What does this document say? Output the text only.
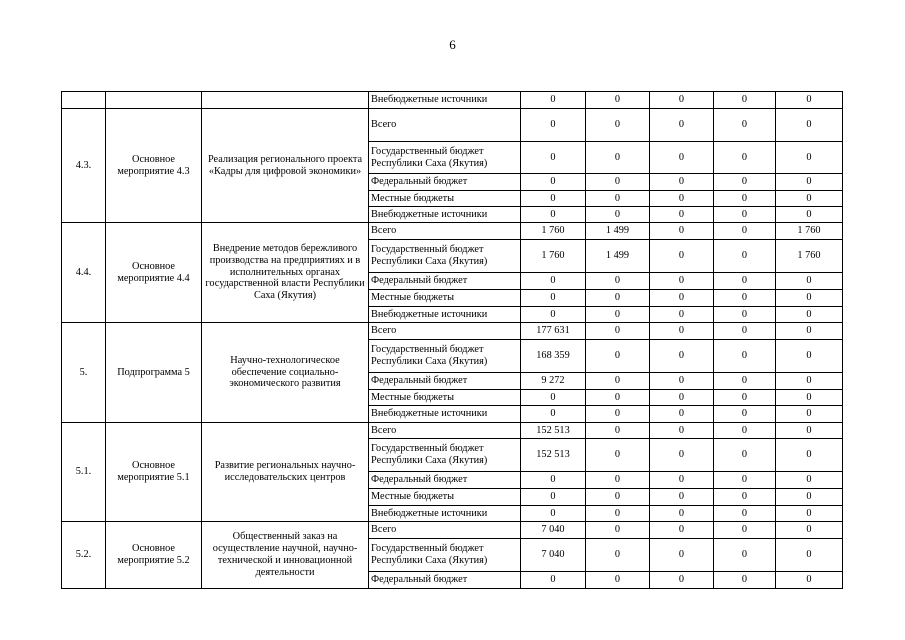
6
			Внебюджетные источники	0	0	0	0	0
4.3.	Основное мероприятие 4.3	Реализация регионального проекта «Кадры для цифровой экономики»	Всего	0	0	0	0	0
			Государственный бюджет Республики Саха (Якутия)	0	0	0	0	0
			Федеральный бюджет	0	0	0	0	0
			Местные бюджеты	0	0	0	0	0
			Внебюджетные источники	0	0	0	0	0
4.4.	Основное мероприятие 4.4	Внедрение методов бережливого производства на предприятиях и в исполнительных органах государственной власти Республики Саха (Якутия)	Всего	1 760	1 499	0	0	1 760
			Государственный бюджет Республики Саха (Якутия)	1 760	1 499	0	0	1 760
			Федеральный бюджет	0	0	0	0	0
			Местные бюджеты	0	0	0	0	0
			Внебюджетные источники	0	0	0	0	0
5.	Подпрограмма 5	Научно-технологическое обеспечение социально-экономического развития	Всего	177 631	0	0	0	0
			Государственный бюджет Республики Саха (Якутия)	168 359	0	0	0	0
			Федеральный бюджет	9 272	0	0	0	0
			Местные бюджеты	0	0	0	0	0
			Внебюджетные источники	0	0	0	0	0
5.1.	Основное мероприятие 5.1	Развитие региональных научно-исследовательских центров	Всего	152 513	0	0	0	0
			Государственный бюджет Республики Саха (Якутия)	152 513	0	0	0	0
			Федеральный бюджет	0	0	0	0	0
			Местные бюджеты	0	0	0	0	0
			Внебюджетные источники	0	0	0	0	0
5.2.	Основное мероприятие 5.2	Общественный заказ на осуществление научной, научно-технической и инновационной деятельности	Всего	7 040	0	0	0	0
			Государственный бюджет Республики Саха (Якутия)	7 040	0	0	0	0
			Федеральный бюджет	0	0	0	0	0
